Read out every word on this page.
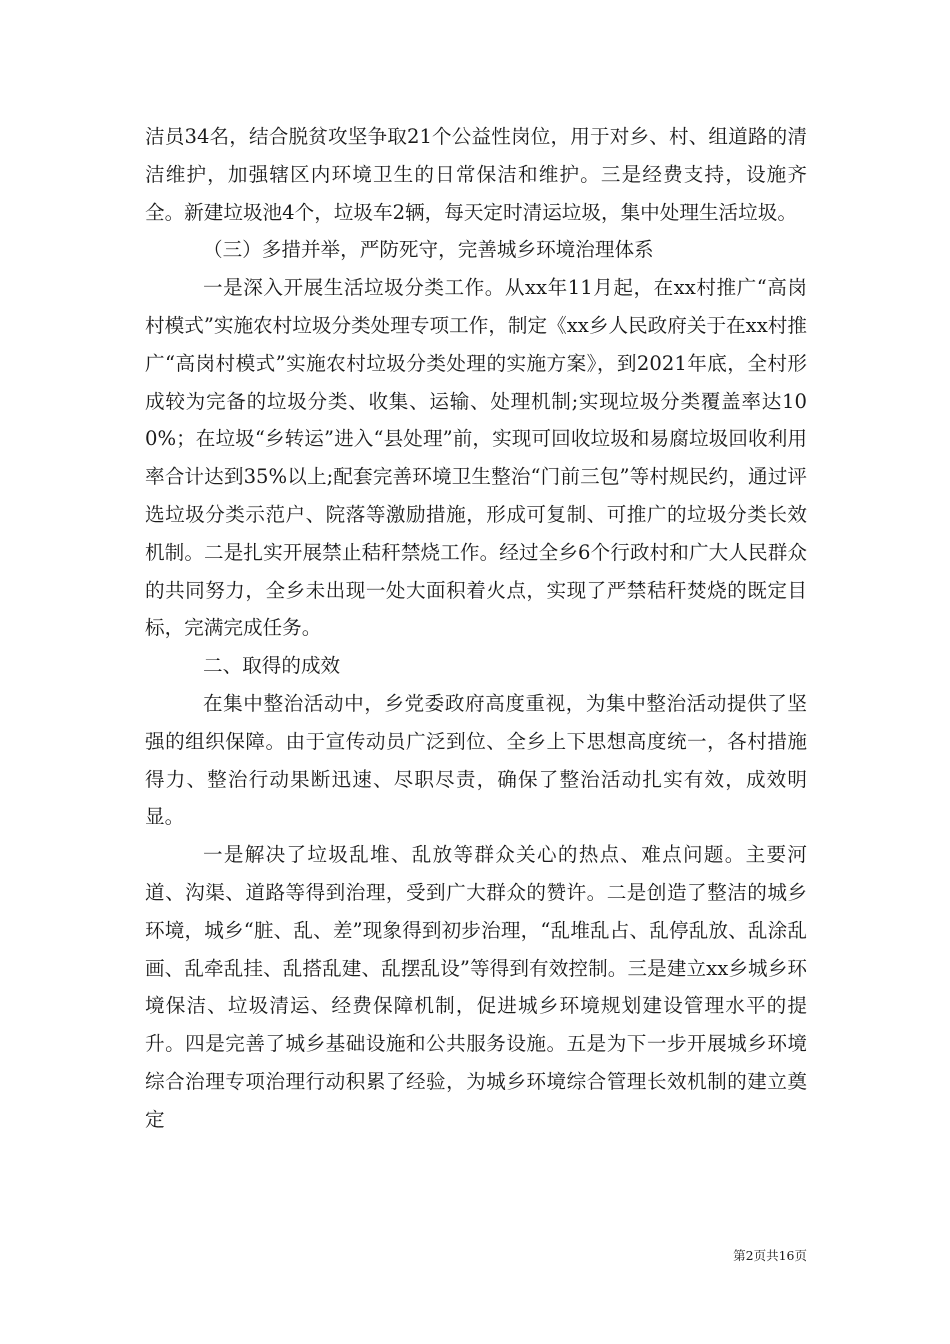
洁员34名，结合脱贫攻坚争取21个公益性岗位，用于对乡、村、组道路的清洁维护，加强辖区内环境卫生的日常保洁和维护。三是经费支持，设施齐全。新建垃圾池4个，垃圾车2辆，每天定时清运垃圾，集中处理生活垃圾。

（三）多措并举，严防死守，完善城乡环境治理体系

一是深入开展生活垃圾分类工作。从xx年11月起，在xx村推广“高岗村模式”实施农村垃圾分类处理专项工作，制定《xx乡人民政府关于在xx村推广“高岗村模式”实施农村垃圾分类处理的实施方案》，到2021年底，全村形成较为完备的垃圾分类、收集、运输、处理机制;实现垃圾分类覆盖率达100%；在垃圾“乡转运”进入“县处理”前，实现可回收垃圾和易腐垃圾回收利用率合计达到35%以上;配套完善环境卫生整治“门前三包”等村规民约，通过评选垃圾分类示范户、院落等激励措施，形成可复制、可推广的垃圾分类长效机制。二是扎实开展禁止秸秆禁烧工作。经过全乡6个行政村和广大人民群众的共同努力，全乡未出现一处大面积着火点，实现了严禁秸秆焚烧的既定目标，完满完成任务。

二、取得的成效

在集中整治活动中，乡党委政府高度重视，为集中整治活动提供了坚强的组织保障。由于宣传动员广泛到位、全乡上下思想高度统一，各村措施得力、整治行动果断迅速、尽职尽责，确保了整治活动扎实有效，成效明显。

一是解决了垃圾乱堆、乱放等群众关心的热点、难点问题。主要河道、沟渠、道路等得到治理，受到广大群众的赞许。二是创造了整洁的城乡环境，城乡“脏、乱、差”现象得到初步治理，“乱堆乱占、乱停乱放、乱涂乱画、乱牵乱挂、乱搭乱建、乱摆乱设”等得到有效控制。三是建立xx乡城乡环境保洁、垃圾清运、经费保障机制，促进城乡环境规划建设管理水平的提升。四是完善了城乡基础设施和公共服务设施。五是为下一步开展城乡环境综合治理专项治理行动积累了经验，为城乡环境综合管理长效机制的建立奠定

第2页共16页
